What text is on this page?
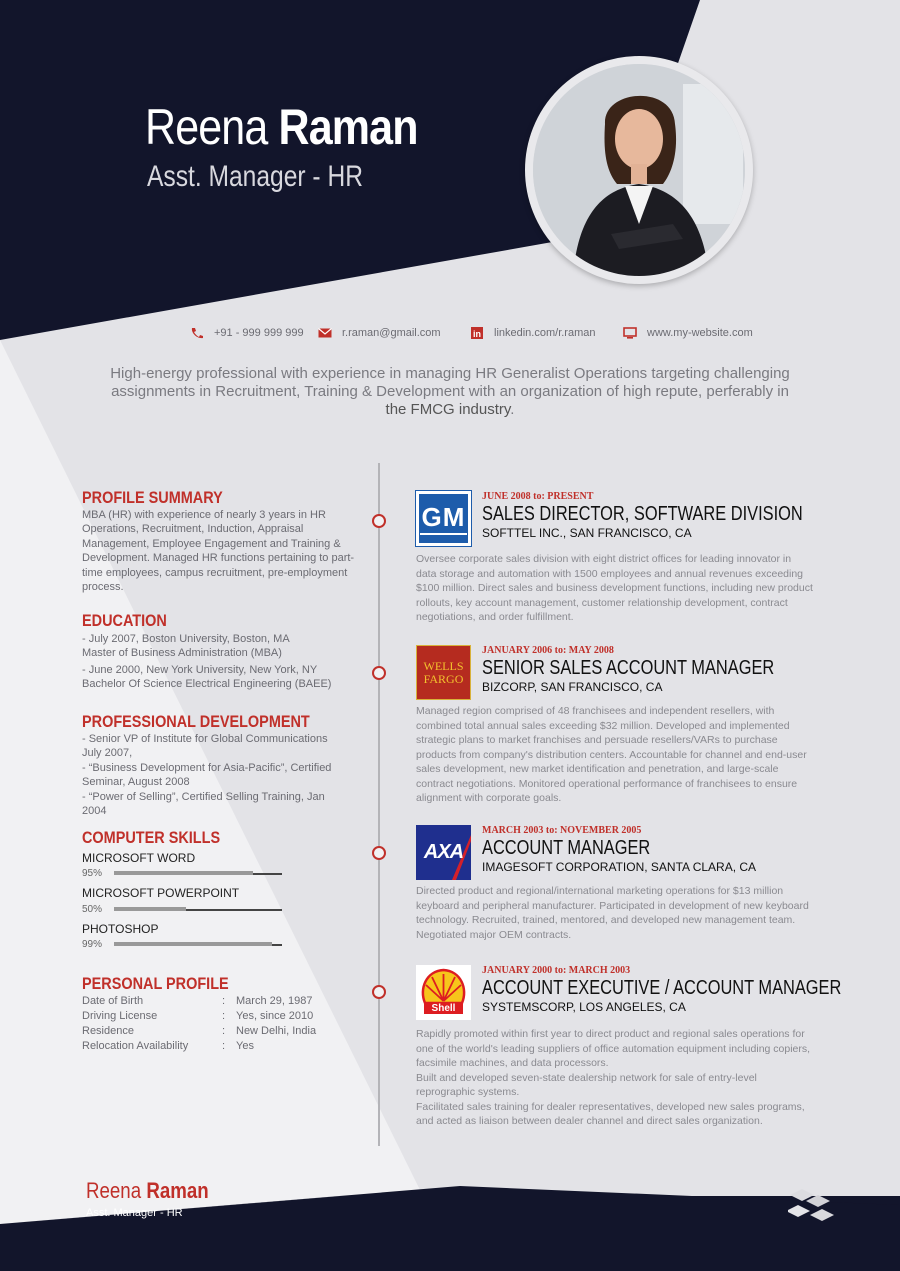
Reena Raman
Asst. Manager - HR
+91 - 999 999 999	r.raman@gmail.com	in linkedin.com/r.raman	www.my-website.com
High-energy professional with experience in managing HR Generalist Operations targeting challenging assignments in Recruitment, Training & Development with an organization of high repute, perferably in the FMCG industry.
PROFILE SUMMARY
MBA (HR) with experience of nearly 3 years in HR Operations, Recruitment, Induction, Appraisal Management, Employee Engagement and Training & Development. Managed HR functions pertaining to part-time employees, campus recruitment, pre-employment process.
EDUCATION
- July 2007, Boston University, Boston, MA
Master of Business Administration (MBA)
- June 2000, New York University, New York, NY
Bachelor Of Science Electrical Engineering (BAEE)
PROFESSIONAL DEVELOPMENT
- Senior VP of Institute for Global Communications July 2007,
- “Business Development for Asia-Pacific”, Certified Seminar, August 2008
- “Power of Selling”, Certified Selling Training, Jan 2004
COMPUTER SKILLS
MICROSOFT WORD
95%
MICROSOFT POWERPOINT
50%
PHOTOSHOP
99%
PERSONAL PROFILE
Date of Birth	: March 29, 1987
Driving License	: Yes, since 2010
Residence	: New Delhi, India
Relocation Availability	: Yes
GM
JUNE 2008 to: PRESENT
SALES DIRECTOR, SOFTWARE DIVISION
SOFTTEL INC., SAN FRANCISCO, CA
Oversee corporate sales division with eight district offices for leading innovator in data storage and automation with 1500 employees and annual revenues exceeding $100 million. Direct sales and business development functions, including new product rollouts, key account management, customer relationship development, contract negotiations, and order fulfillment.
WELLS
FARGO
JANUARY 2006 to: MAY 2008
SENIOR SALES ACCOUNT MANAGER
BIZCORP, SAN FRANCISCO, CA
Managed region comprised of 48 franchisees and independent resellers, with combined total annual sales exceeding $32 million. Developed and implemented strategic plans to market franchises and persuade resellers/VARs to purchase products from company's distribution centers. Accountable for channel and end-user sales development, new market identification and penetration, and large-scale contract negotiations. Monitored operational performance of franchisees to ensure alignment with corporate goals.
AXA
MARCH 2003 to: NOVEMBER 2005
ACCOUNT MANAGER
IMAGESOFT CORPORATION, SANTA CLARA, CA
Directed product and regional/international marketing operations for $13 million keyboard and peripheral manufacturer. Participated in development of new keyboard technology. Recruited, trained, mentored, and developed new management team. Negotiated major OEM contracts.
Shell
JANUARY 2000 to: MARCH 2003
ACCOUNT EXECUTIVE / ACCOUNT MANAGER
SYSTEMSCORP, LOS ANGELES, CA
Rapidly promoted within first year to direct product and regional sales operations for one of the world's leading suppliers of office automation equipment including copiers, facsimile machines, and data processors.
Built and developed seven-state dealership network for sale of entry-level reprographic systems.
Facilitated sales training for dealer representatives, developed new sales programs, and acted as liaison between dealer channel and direct sales organization.
Reena Raman
Asst. Manager - HR
